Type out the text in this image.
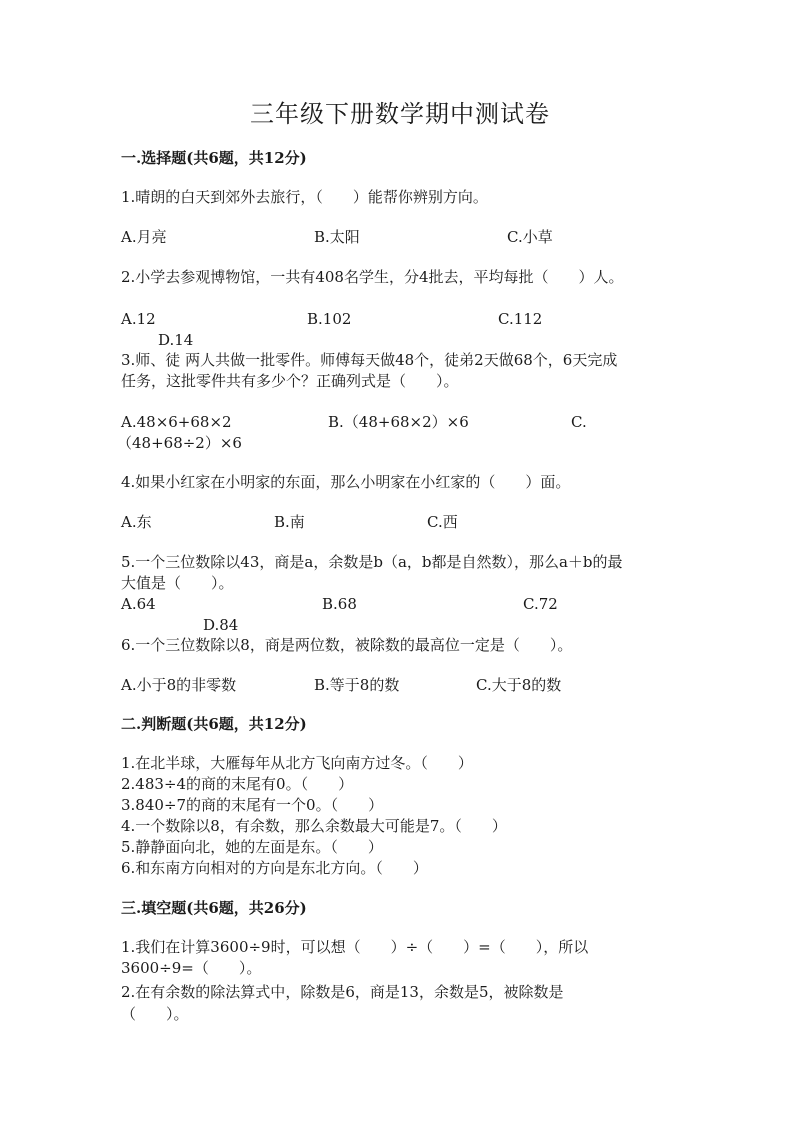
三年级下册数学期中测试卷
一.选择题(共6题，共12分)
1.晴朗的白天到郊外去旅行，（　　）能帮你辨别方向。
A.月亮	B.太阳	C.小草
2.小学去参观博物馆，一共有408名学生，分4批去，平均每批（　　）人。
A.12	B.102	C.112
D.14
3.师、徒 两人共做一批零件。师傅每天做48个，徒弟2天做68个，6天完成
任务，这批零件共有多少个？正确列式是（　　）。
A.48×6+68×2	B.（48+68×2）×6	C.
（48+68÷2）×6
4.如果小红家在小明家的东面，那么小明家在小红家的（　　）面。
A.东	B.南	C.西
5.一个三位数除以43，商是a，余数是b（a，b都是自然数），那么a＋b的最
大值是（　　）。
A.64	B.68	C.72
D.84
6.一个三位数除以8，商是两位数，被除数的最高位一定是（　　）。
A.小于8的非零数	B.等于8的数	C.大于8的数
二.判断题(共6题，共12分)
1.在北半球，大雁每年从北方飞向南方过冬。（　　）
2.483÷4的商的末尾有0。（　　）
3.840÷7的商的末尾有一个0。（　　）
4.一个数除以8，有余数，那么余数最大可能是7。（　　）
5.静静面向北，她的左面是东。（　　）
6.和东南方向相对的方向是东北方向。（　　）
三.填空题(共6题，共26分)
1.我们在计算3600÷9时，可以想（　　）÷（　　）=（　　），所以
3600÷9=（　　）。
2.在有余数的除法算式中，除数是6，商是13，余数是5，被除数是
（　　）。
